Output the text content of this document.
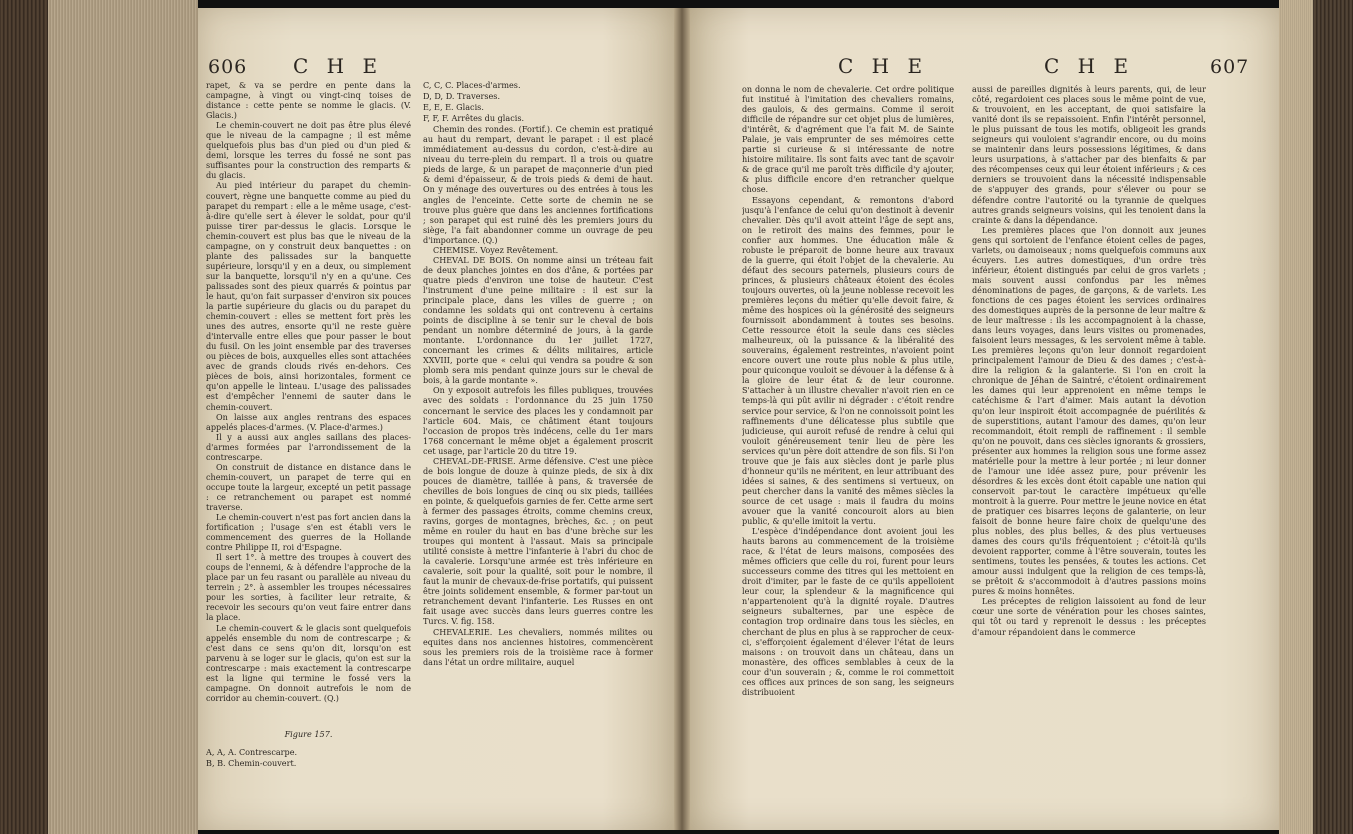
606 C H E

rapet, & va se perdre en pente dans la campagne, à vingt ou vingt-cinq toises de distance : cette pente se nomme le glacis. (V. Glacis.)

Le chemin-couvert ne doit pas être plus élevé que le niveau de la campagne ; il est même quelquefois plus bas d'un pied ou d'un pied & demi, lorsque les terres du fossé ne sont pas suffisantes pour la construction des remparts & du glacis.

Au pied intérieur du parapet du chemin-couvert, règne une banquette comme au pied du parapet du rempart : elle a le même usage, c'est-à-dire qu'elle sert à élever le soldat, pour qu'il puisse tirer par-dessus le glacis. Lorsque le chemin-couvert est plus bas que le niveau de la campagne, on y construit deux banquettes : on plante des palissades sur la banquette supérieure, lorsqu'il y en a deux, ou simplement sur la banquette, lorsqu'il n'y en a qu'une. Ces palissades sont des pieux quarrés & pointus par le haut, qu'on fait surpasser d'environ six pouces la partie supérieure du glacis ou du parapet du chemin-couvert : elles se mettent fort près les unes des autres, ensorte qu'il ne reste guère d'intervalle entre elles que pour passer le bout du fusil. On les joint ensemble par des traverses ou pièces de bois, auxquelles elles sont attachées avec de grands clouds rivés en-dehors. Ces pièces de bois, ainsi horizontales, forment ce qu'on appelle le linteau. L'usage des palissades est d'empêcher l'ennemi de sauter dans le chemin-couvert.

On laisse aux angles rentrans des espaces appelés places-d'armes. (V. Place-d'armes.)

Il y a aussi aux angles saillans des places-d'armes formées par l'arrondissement de la contrescarpe.

On construit de distance en distance dans le chemin-couvert, un parapet de terre qui en occupe toute la largeur, excepté un petit passage : ce retranchement ou parapet est nommé traverse.

Le chemin-couvert n'est pas fort ancien dans la fortification ; l'usage s'en est établi vers le commencement des guerres de la Hollande contre Philippe II, roi d'Espagne.

Il sert 1°. à mettre des troupes à couvert des coups de l'ennemi, & à défendre l'approche de la place par un feu rasant ou parallèle au niveau du terrein ; 2°. à assembler les troupes nécessaires pour les sorties, à faciliter leur retraite, & recevoir les secours qu'on veut faire entrer dans la place.

Le chemin-couvert & le glacis sont quelquefois appelés ensemble du nom de contrescarpe ; & c'est dans ce sens qu'on dit, lorsqu'on est parvenu à se loger sur le glacis, qu'on est sur la contrescarpe : mais exactement la contrescarpe est la ligne qui termine le fossé vers la campagne. On donnoit autrefois le nom de corridor au chemin-couvert. (Q.)

Figure 157.
A, A, A. Contrescarpe.
B, B. Chemin-couvert.
C, C, C. Places-d'armes.
D, D, D. Traverses.
E, E, E. Glacis.
F, F, F. Arrêtes du glacis.

Chemin des rondes. (Fortif.). Ce chemin est pratiqué au haut du rempart, devant le parapet : il est placé immédiatement au-dessus du cordon, c'est-à-dire au niveau du terre-plein du rempart. Il a trois ou quatre pieds de large, & un parapet de maçonnerie d'un pied & demi d'épaisseur, & de trois pieds & demi de haut. On y ménage des ouvertures ou des entrées à tous les angles de l'enceinte. Cette sorte de chemin ne se trouve plus guère que dans les anciennes fortifications ; son parapet qui est ruiné dès les premiers jours du siège, l'a fait abandonner comme un ouvrage de peu d'importance. (Q.)

CHEMISE. Voyez Revêtement.

CHEVAL DE BOIS. On nomme ainsi un tréteau fait de deux planches jointes en dos d'âne, & portées par quatre pieds d'environ une toise de hauteur. C'est l'instrument d'une peine militaire : il est sur la principale place, dans les villes de guerre ; on condamne les soldats qui ont contrevenu à certains points de discipline à se tenir sur le cheval de bois pendant un nombre déterminé de jours, à la garde montante. L'ordonnance du 1er juillet 1727, concernant les crimes & délits militaires, article XXVIII, porte que « celui qui vendra sa poudre & son plomb sera mis pendant quinze jours sur le cheval de bois, à la garde montante ».

On y exposoit autrefois les filles publiques, trouvées avec des soldats : l'ordonnance du 25 juin 1750 concernant le service des places les y condamnoit par l'article 604. Mais, ce châtiment étant toujours l'occasion de propos très indécens, celle du 1er mars 1768 concernant le même objet a également proscrit cet usage, par l'article 20 du titre 19.

CHEVAL-DE-FRISE. Arme défensive. C'est une pièce de bois longue de douze à quinze pieds, de six à dix pouces de diamètre, taillée à pans, & traversée de chevilles de bois longues de cinq ou six pieds, taillées en pointe, & quelquefois garnies de fer. Cette arme sert à fermer des passages étroits, comme chemins creux, ravins, gorges de montagnes, brèches, &c. ; on peut même en rouler du haut en bas d'une brèche sur les troupes qui montent à l'assaut. Mais sa principale utilité consiste à mettre l'infanterie à l'abri du choc de la cavalerie. Lorsqu'une armée est très inférieure en cavalerie, soit pour la qualité, soit pour le nombre, il faut la munir de chevaux-de-frise portatifs, qui puissent être joints solidement ensemble, & former par-tout un retranchement devant l'infanterie. Les Russes en ont fait usage avec succès dans leurs guerres contre les Turcs. V. fig. 158.

CHEVALERIE. Les chevaliers, nommés milites ou equites dans nos anciennes histoires, commencèrent sous les premiers rois de la troisième race à former dans l'état un ordre militaire, auquel

C H E	C H E	607

on donna le nom de chevalerie. Cet ordre politique fut institué à l'imitation des chevaliers romains, des gaulois, & des germains. Comme il seroit difficile de répandre sur cet objet plus de lumières, d'intérêt, & d'agrément que l'a fait M. de Sainte Palaie, je vais emprunter de ses mémoires cette partie si curieuse & si intéressante de notre histoire militaire. Ils sont faits avec tant de sçavoir & de grace qu'il me paroît très difficile d'y ajouter, & plus difficile encore d'en retrancher quelque chose.

Essayons cependant, & remontons d'abord jusqu'à l'enfance de celui qu'on destinoit à devenir chevalier. Dès qu'il avoit atteint l'âge de sept ans, on le retiroit des mains des femmes, pour le confier aux hommes. Une éducation mâle & robuste le préparoit de bonne heure aux travaux de la guerre, qui étoit l'objet de la chevalerie. Au défaut des secours paternels, plusieurs cours de princes, & plusieurs châteaux étoient des écoles toujours ouvertes, où la jeune noblesse recevoit les premières leçons du métier qu'elle devoit faire, & même des hospices où la générosité des seigneurs fournissoit abondamment à toutes ses besoins. Cette ressource étoit la seule dans ces siècles malheureux, où la puissance & la libéralité des souverains, également restreintes, n'avoient point encore ouvert une route plus noble & plus utile, pour quiconque vouloit se dévouer à la défense & à la gloire de leur état & de leur couronne. S'attacher à un illustre chevalier n'avoit rien en ce temps-là qui pût avilir ni dégrader : c'étoit rendre service pour service, & l'on ne connoissoit point les raffinements d'une délicatesse plus subtile que judicieuse, qui auroit refusé de rendre à celui qui vouloit généreusement tenir lieu de père les services qu'un père doit attendre de son fils. Si l'on trouve que je fais aux siècles dont je parle plus d'honneur qu'ils ne méritent, en leur attribuant des idées si saines, & des sentimens si vertueux, on peut chercher dans la vanité des mêmes siècles la source de cet usage : mais il faudra du moins avouer que la vanité concouroit alors au bien public, & qu'elle imitoit la vertu.

L'espèce d'indépendance dont avoient joui les hauts barons au commencement de la troisième race, & l'état de leurs maisons, composées des mêmes officiers que celle du roi, furent pour leurs successeurs comme des titres qui les mettoient en droit d'imiter, par le faste de ce qu'ils appelloient leur cour, la splendeur & la magnificence qui n'appartenoient qu'à la dignité royale. D'autres seigneurs subalternes, par une espèce de contagion trop ordinaire dans tous les siècles, en cherchant de plus en plus à se rapprocher de ceux-ci, s'efforçoient également d'élever l'état de leurs maisons : on trouvoit dans un château, dans un monastère, des offices semblables à ceux de la cour d'un souverain ; &, comme le roi commettoit ces offices aux princes de son sang, les seigneurs distribuoient

aussi de pareilles dignités à leurs parents, qui, de leur côté, regardoient ces places sous le même point de vue, & trouvoient, en les acceptant, de quoi satisfaire la vanité dont ils se repaissoient. Enfin l'intérêt personnel, le plus puissant de tous les motifs, obligeoit les grands seigneurs qui vouloient s'agrandir encore, ou du moins se maintenir dans leurs possessions légitimes, & dans leurs usurpations, à s'attacher par des bienfaits & par des récompenses ceux qui leur étoient inférieurs ; & ces derniers se trouvoient dans la nécessité indispensable de s'appuyer des grands, pour s'élever ou pour se défendre contre l'autorité ou la tyrannie de quelques autres grands seigneurs voisins, qui les tenoient dans la crainte & dans la dépendance.

Les premières places que l'on donnoit aux jeunes gens qui sortoient de l'enfance étoient celles de pages, varlets, ou damoiseaux ; noms quelquefois communs aux écuyers. Les autres domestiques, d'un ordre très inférieur, étoient distingués par celui de gros varlets ; mais souvent aussi confondus par les mêmes dénominations de pages, de garçons, & de varlets. Les fonctions de ces pages étoient les services ordinaires des domestiques auprès de la personne de leur maître & de leur maîtresse : ils les accompagnoient à la chasse, dans leurs voyages, dans leurs visites ou promenades, faisoient leurs messages, & les servoient même à table. Les premières leçons qu'on leur donnoit regardoient principalement l'amour de Dieu & des dames ; c'est-à-dire la religion & la galanterie. Si l'on en croit la chronique de Jéhan de Saintré, c'étoient ordinairement les dames qui leur apprenoient en même temps le catéchisme & l'art d'aimer. Mais autant la dévotion qu'on leur inspiroit étoit accompagnée de puérilités & de superstitions, autant l'amour des dames, qu'on leur recommandoit, étoit rempli de raffinement : il semble qu'on ne pouvoit, dans ces siècles ignorants & grossiers, présenter aux hommes la religion sous une forme assez matérielle pour la mettre à leur portée ; ni leur donner de l'amour une idée assez pure, pour prévenir les désordres & les excès dont étoit capable une nation qui conservoit par-tout le caractère impétueux qu'elle montroit à la guerre. Pour mettre le jeune novice en état de pratiquer ces bisarres leçons de galanterie, on leur faisoit de bonne heure faire choix de quelqu'une des plus nobles, des plus belles, & des plus vertueuses dames des cours qu'ils fréquentoient ; c'étoit-là qu'ils devoient rapporter, comme à l'être souverain, toutes les sentimens, toutes les pensées, & toutes les actions. Cet amour aussi indulgent que la religion de ces temps-là, se prêtoit & s'accommodoit à d'autres passions moins pures & moins honnêtes.

Les préceptes de religion laissoient au fond de leur cœur une sorte de vénération pour les choses saintes, qui tôt ou tard y reprenoit le dessus : les préceptes d'amour répandoient dans le commerce
